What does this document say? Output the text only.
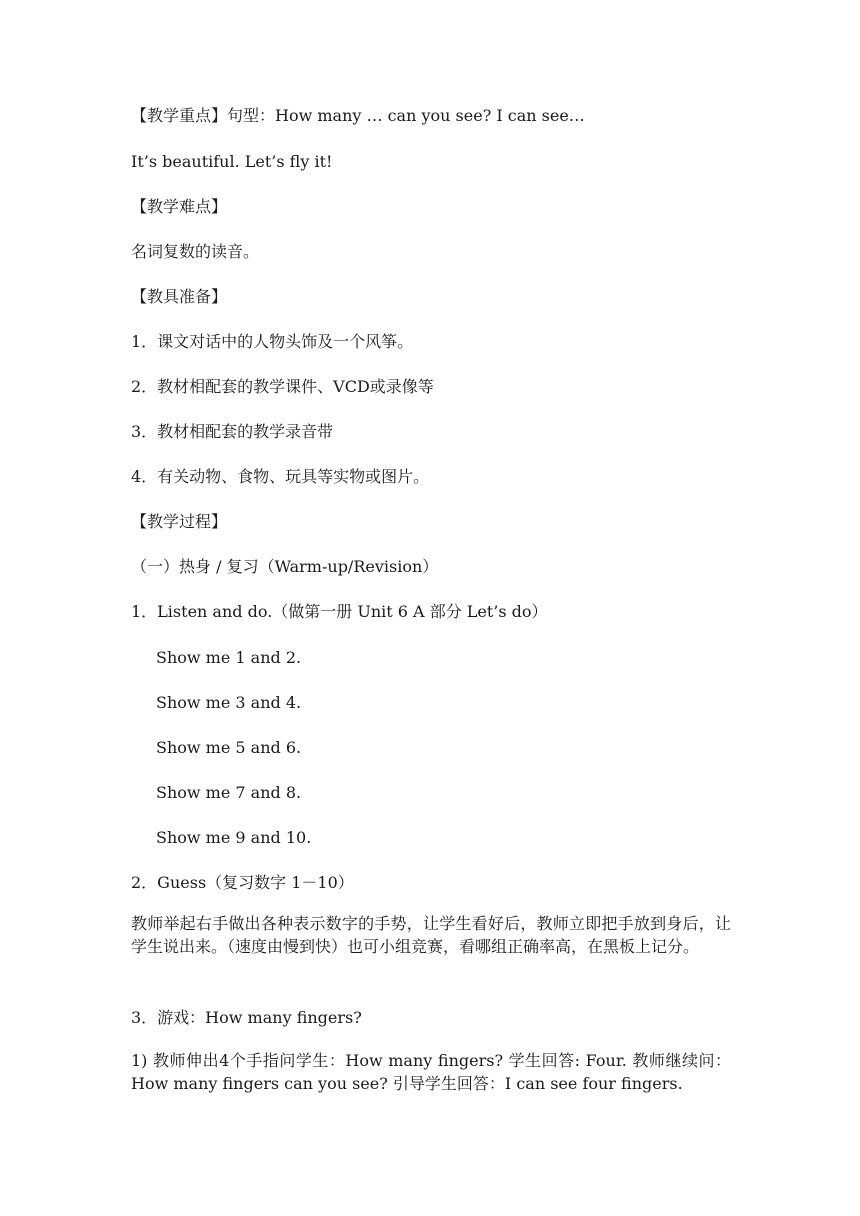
【教学重点】句型：How many … can you see? I can see…
It’s beautiful. Let’s fly it!
【教学难点】
名词复数的读音。
【教具准备】
1．课文对话中的人物头饰及一个风筝。
2．教材相配套的教学课件、VCD或录像等
3．教材相配套的教学录音带
4．有关动物、食物、玩具等实物或图片。
【教学过程】
（一）热身 / 复习（Warm-up/Revision）
1．Listen and do.（做第一册 Unit 6 A 部分 Let’s do）
Show me 1 and 2.
Show me 3 and 4.
Show me 5 and 6.
Show me 7 and 8.
Show me 9 and 10.
2．Guess（复习数字 1－10）
教师举起右手做出各种表示数字的手势，让学生看好后，教师立即把手放到身后，让学生说出来。（速度由慢到快）也可小组竞赛，看哪组正确率高，在黑板上记分。
3．游戏：How many fingers?
1) 教师伸出4个手指问学生：How many fingers? 学生回答: Four. 教师继续问：How many fingers can you see? 引导学生回答：I can see four fingers.
